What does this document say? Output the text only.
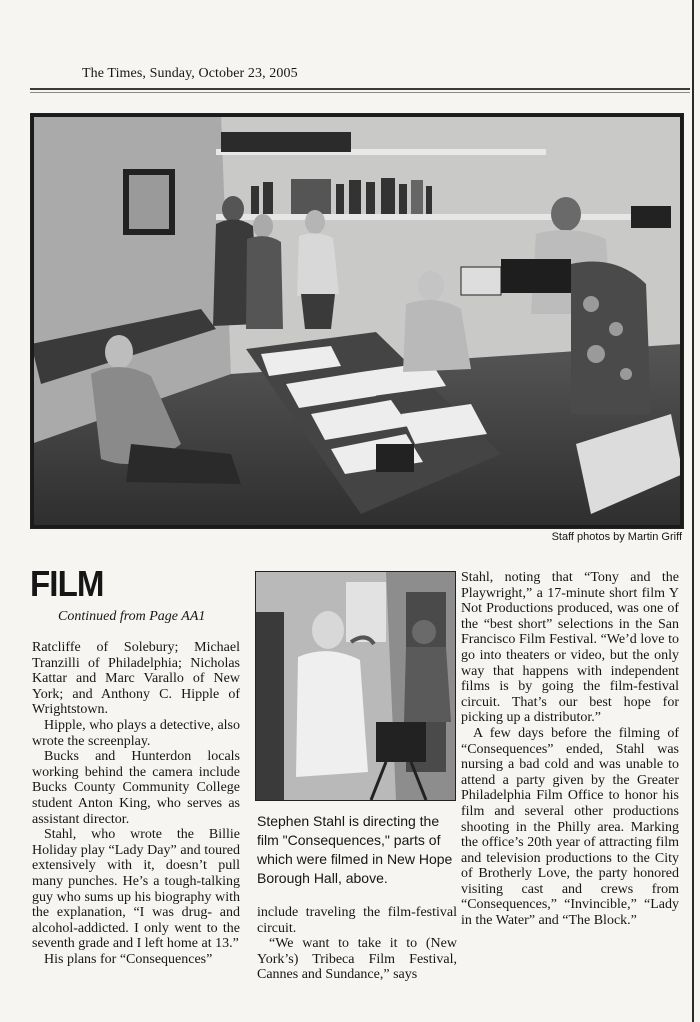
The Times, Sunday, October 23, 2005
Staff photos by Martin Griff
FILM
Continued from Page AA1

Ratcliffe of Solebury; Michael Tranzilli of Philadelphia; Nicholas Kattar and Marc Varallo of New York; and Anthony C. Hipple of Wrightstown.

Hipple, who plays a detective, also wrote the screenplay.

Bucks and Hunterdon locals working behind the camera include Bucks County Community College student Anton King, who serves as assistant director.

Stahl, who wrote the Billie Holiday play “Lady Day” and toured extensively with it, doesn’t pull many punches. He’s a tough-talking guy who sums up his biography with the explanation, “I was drug- and alcohol-addicted. I only went to the seventh grade and I left home at 13.”

His plans for “Consequences”

Stephen Stahl is directing the film "Consequences," parts of which were filmed in New Hope Borough Hall, above.

include traveling the film-festival circuit.

“We want to take it to (New York’s) Tribeca Film Festival, Cannes and Sundance,” says

Stahl, noting that “Tony and the Playwright,” a 17-minute short film Y Not Productions produced, was one of the “best short” selections in the San Francisco Film Festival. “We’d love to go into theaters or video, but the only way that happens with independent films is by going the film-festival circuit. That’s our best hope for picking up a distributor.”

A few days before the filming of “Consequences” ended, Stahl was nursing a bad cold and was unable to attend a party given by the Greater Philadelphia Film Office to honor his film and several other productions shooting in the Philly area. Marking the office’s 20th year of attracting film and television productions to the City of Brotherly Love, the party honored visiting cast and crews from “Consequences,” “Invincible,” “Lady in the Water” and “The Block.”
